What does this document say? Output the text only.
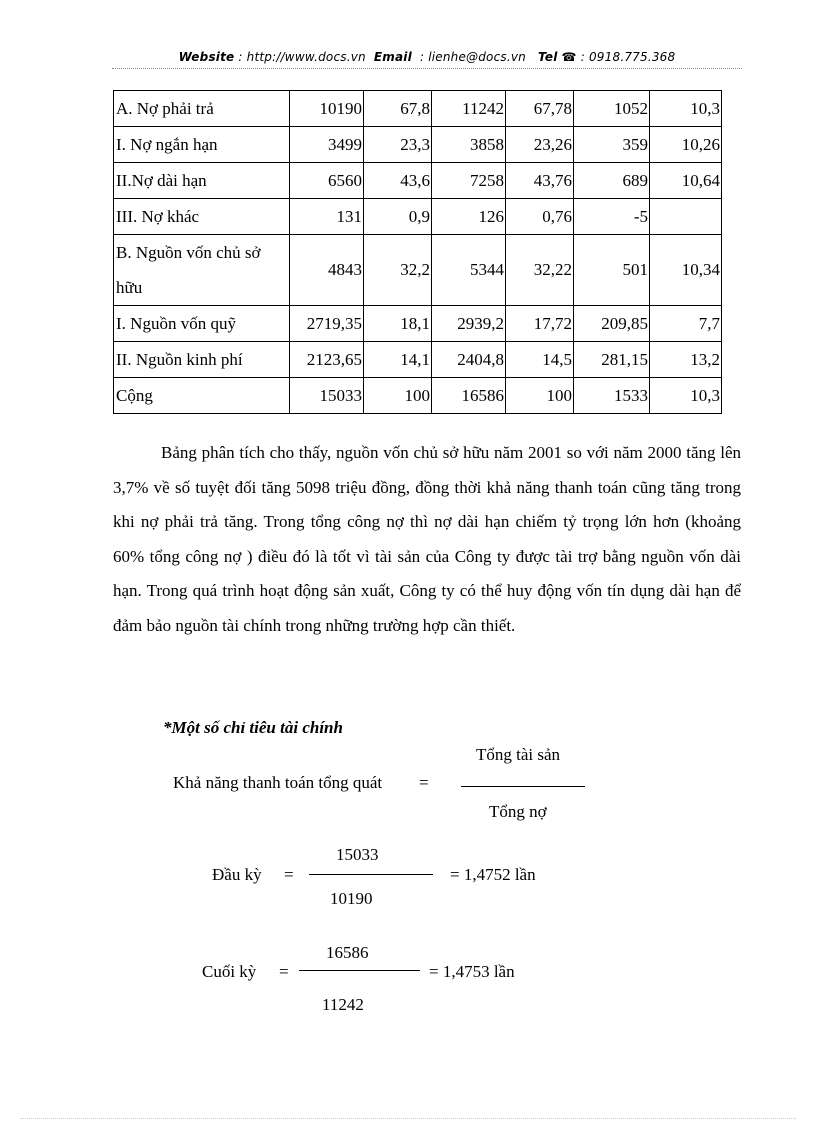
Website : http://www.docs.vn Email : lienhe@docs.vn Tel ☎ : 0918.775.368
A. Nợ phải trả	10190	67,8	11242	67,78	1052	10,3
I. Nợ ngắn hạn	3499	23,3	3858	23,26	359	10,26
II.Nợ dài hạn	6560	43,6	7258	43,76	689	10,64
III. Nợ khác	131	0,9	126	0,76	-5	
B. Nguồn vốn chủ sở hữu	4843	32,2	5344	32,22	501	10,34
I. Nguồn vốn quỹ	2719,35	18,1	2939,2	17,72	209,85	7,7
II. Nguồn kinh phí	2123,65	14,1	2404,8	14,5	281,15	13,2
Cộng	15033	100	16586	100	1533	10,3

Bảng phân tích cho thấy, nguồn vốn chủ sở hữu năm 2001 so với năm 2000 tăng lên 3,7% về số tuyệt đối tăng 5098 triệu đồng, đồng thời khả năng thanh toán cũng tăng trong khi nợ phải trả tăng. Trong tổng công nợ thì nợ dài hạn chiếm tỷ trọng lớn hơn (khoảng 60% tổng công nợ ) điều đó là tốt vì tài sản của Công ty được tài trợ bằng nguồn vốn dài hạn. Trong quá trình hoạt động sản xuất, Công ty có thể huy động vốn tín dụng dài hạn để đảm bảo nguồn tài chính trong những trường hợp cần thiết.

*Một số chỉ tiêu tài chính
Khả năng thanh toán tổng quát =
Tổng tài sản
Tổng nợ
Đầu kỳ =
15033
10190
= 1,4752 lần
Cuối kỳ =
16586
11242
= 1,4753 lần
